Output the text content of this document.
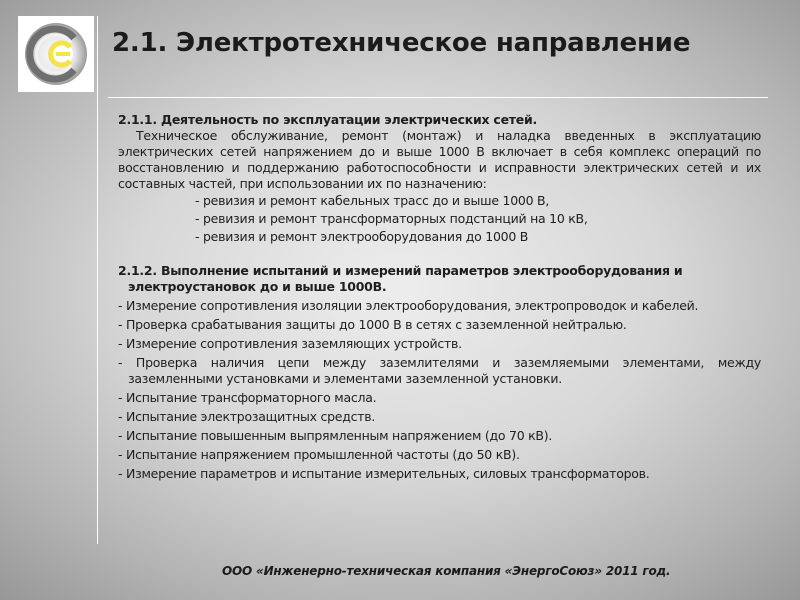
2.1. Электротехническое направление
2.1.1. Деятельность по эксплуатации электрических сетей.
Техническое обслуживание, ремонт (монтаж) и наладка введенных в эксплуатацию электрических сетей напряжением до и выше 1000 В включает в себя комплекс операций по восстановлению и поддержанию работоспособности и исправности электрических сетей и их составных частей, при использовании их по назначению:
- ревизия и ремонт кабельных трасс до и выше 1000 В,
- ревизия и ремонт трансформаторных подстанций на 10 кВ,
- ревизия и ремонт электрооборудования до 1000 В
2.1.2. Выполнение испытаний и измерений параметров электрооборудования и электроустановок до и выше 1000В.
- Измерение сопротивления изоляции электрооборудования, электропроводок и кабелей.
- Проверка срабатывания защиты до 1000 В в сетях с заземленной нейтралью.
- Измерение сопротивления заземляющих устройств.
- Проверка наличия цепи между заземлителями и заземляемыми элементами, между заземленными установками и элементами заземленной установки.
- Испытание трансформаторного масла.
- Испытание электрозащитных средств.
- Испытание повышенным выпрямленным напряжением (до 70 кВ).
- Испытание напряжением промышленной частоты (до 50 кВ).
- Измерение параметров и испытание измерительных, силовых трансформаторов.
ООО «Инженерно-техническая компания «ЭнергоСоюз» 2011 год.
